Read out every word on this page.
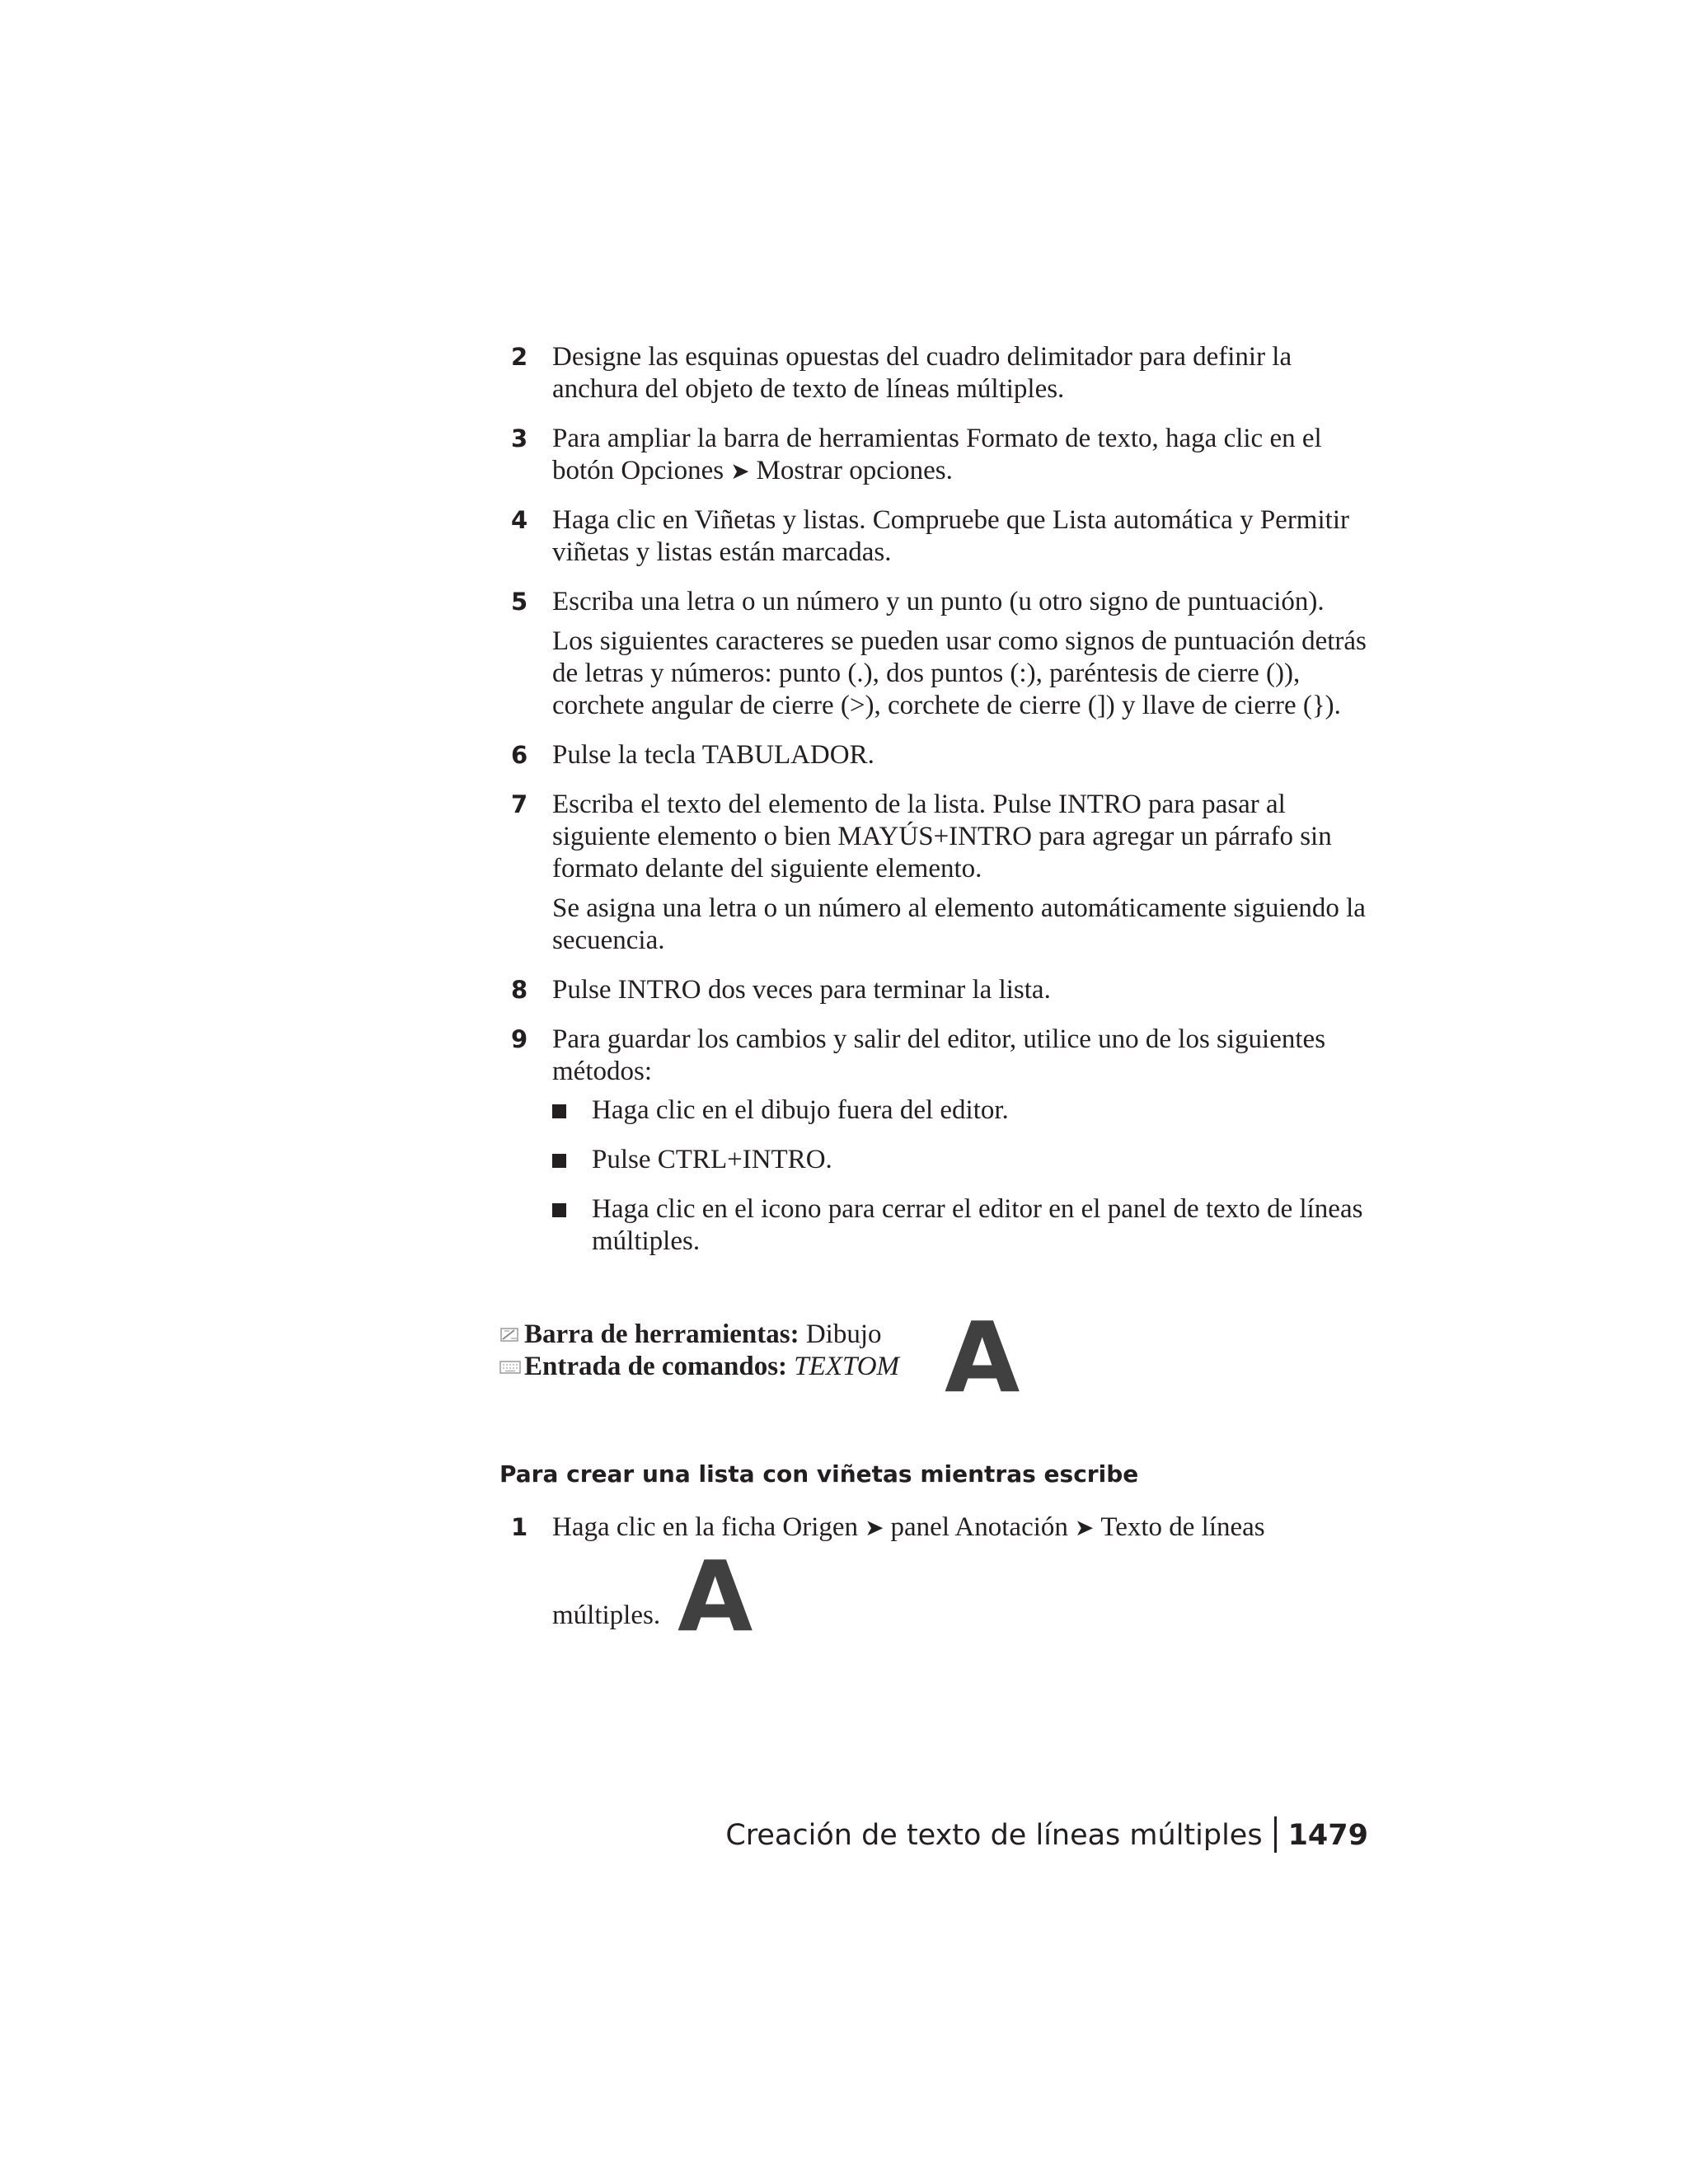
2 Designe las esquinas opuestas del cuadro delimitador para definir la anchura del objeto de texto de líneas múltiples.
3 Para ampliar la barra de herramientas Formato de texto, haga clic en el botón Opciones ➤ Mostrar opciones.
4 Haga clic en Viñetas y listas. Compruebe que Lista automática y Permitir viñetas y listas están marcadas.
5 Escriba una letra o un número y un punto (u otro signo de puntuación).
Los siguientes caracteres se pueden usar como signos de puntuación detrás de letras y números: punto (.), dos puntos (:), paréntesis de cierre ()), corchete angular de cierre (>), corchete de cierre (]) y llave de cierre (}).
6 Pulse la tecla TABULADOR.
7 Escriba el texto del elemento de la lista. Pulse INTRO para pasar al siguiente elemento o bien MAYÚS+INTRO para agregar un párrafo sin formato delante del siguiente elemento.
Se asigna una letra o un número al elemento automáticamente siguiendo la secuencia.
8 Pulse INTRO dos veces para terminar la lista.
9 Para guardar los cambios y salir del editor, utilice uno de los siguientes métodos:
Haga clic en el dibujo fuera del editor.
Pulse CTRL+INTRO.
Haga clic en el icono para cerrar el editor en el panel de texto de líneas múltiples.
Barra de herramientas: Dibujo
Entrada de comandos: TEXTOM A
Para crear una lista con viñetas mientras escribe
1 Haga clic en la ficha Origen ➤ panel Anotación ➤ Texto de líneas
múltiples. A
Creación de texto de líneas múltiples 1479
